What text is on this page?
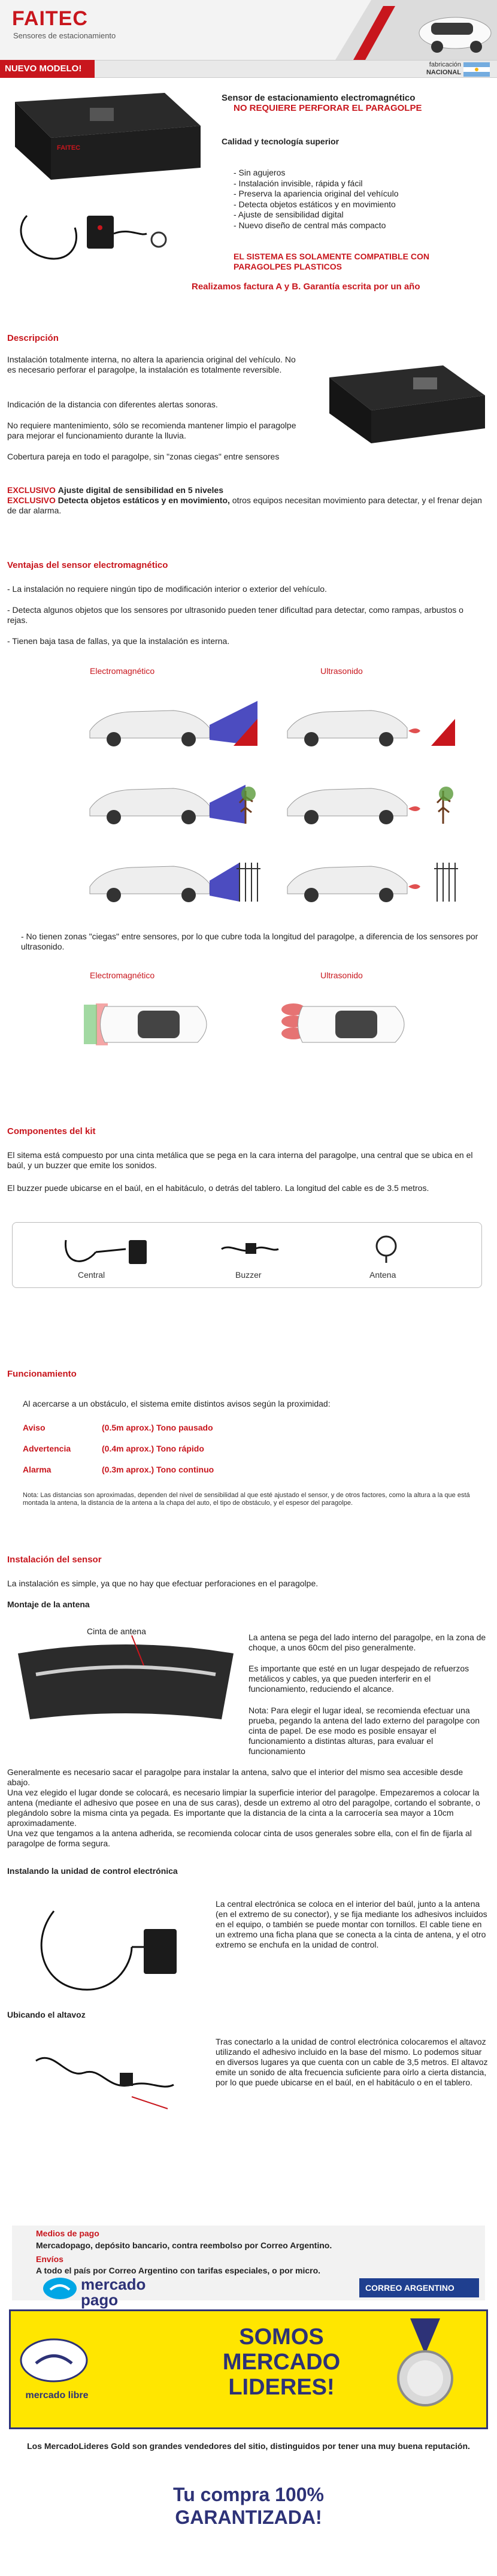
FAITEC
Sensores de estacionamiento
NUEVO MODELO!	fabricación
NACIONAL
FAITEC
Sensor de estacionamiento electromagnético
NO REQUIERE PERFORAR EL PARAGOLPE
Calidad y tecnología superior
- Sin agujeros
- Instalación invisible, rápida y fácil
- Preserva la apariencia original del vehículo
- Detecta objetos estáticos y en movimiento
- Ajuste de sensibilidad digital
- Nuevo diseño de central más compacto
EL SISTEMA ES SOLAMENTE COMPATIBLE CON PARAGOLPES PLASTICOS
Realizamos factura A y B. Garantía escrita por un año
Descripción
Instalación totalmente interna, no altera la apariencia original del vehículo. No es necesario perforar el paragolpe, la instalación es totalmente reversible.
Indicación de la distancia con diferentes alertas sonoras.
No requiere mantenimiento, sólo se recomienda mantener limpio el paragolpe para mejorar el funcionamiento durante la lluvia.
Cobertura pareja en todo el paragolpe, sin "zonas ciegas" entre sensores
EXCLUSIVO Ajuste digital de sensibilidad en 5 niveles
EXCLUSIVO Detecta objetos estáticos y en movimiento, otros equipos necesitan movimiento para detectar, y el frenar dejan de dar alarma.
Ventajas del sensor electromagnético
- La instalación no requiere ningún tipo de modificación interior o exterior del vehículo.
- Detecta algunos objetos que los sensores por ultrasonido pueden tener dificultad para detectar, como rampas, arbustos o rejas.
- Tienen baja tasa de fallas, ya que la instalación es interna.
Electromagnético	Ultrasonido
- No tienen zonas "ciegas" entre sensores, por lo que cubre toda la longitud del paragolpe, a diferencia de los sensores por ultrasonido.
Electromagnético	Ultrasonido
Componentes del kit
El sitema está compuesto por una cinta metálica que se pega en la cara interna del paragolpe, una central que se ubica en el baúl, y un buzzer que emite los sonidos.
El buzzer puede ubicarse en el baúl, en el habitáculo, o detrás del tablero. La longitud del cable es de 3.5 metros.
Central	Buzzer	Antena
Funcionamiento
Al acercarse a un obstáculo, el sistema emite distintos avisos según la proximidad:
Aviso	(0.5m aprox.) Tono pausado
Advertencia	(0.4m aprox.) Tono rápido
Alarma	(0.3m aprox.) Tono continuo
Nota: Las distancias son aproximadas, dependen del nivel de sensibilidad al que esté ajustado el sensor, y de otros factores, como la altura a la que está montada la antena, la distancia de la antena a la chapa del auto, el tipo de obstáculo, y el espesor del paragolpe.
Instalación del sensor
La instalación es simple, ya que no hay que efectuar perforaciones en el paragolpe.
Montaje de la antena
Cinta de antena
La antena se pega del lado interno del paragolpe, en la zona de choque, a unos 60cm del piso generalmente.
Es importante que esté en un lugar despejado de refuerzos metálicos y cables, ya que pueden interferir en el funcionamiento, reduciendo el alcance.
Nota: Para elegir el lugar ideal, se recomienda efectuar una prueba, pegando la antena del lado externo del paragolpe con cinta de papel. De ese modo es posible ensayar el funcionamiento a distintas alturas, para evaluar el funcionamiento
Generalmente es necesario sacar el paragolpe para instalar la antena, salvo que el interior del mismo sea accesible desde abajo.
Una vez elegido el lugar donde se colocará, es necesario limpiar la superficie interior del paragolpe. Empezaremos a colocar la antena (mediante el adhesivo que posee en una de sus caras), desde un extremo al otro del paragolpe, cortando el sobrante, o plegándolo sobre la misma cinta ya pegada. Es importante que la distancia de la cinta a la carrocería sea mayor a 10cm aproximadamente.
Una vez que tengamos a la antena adherida, se recomienda colocar cinta de usos generales sobre ella, con el fin de fijarla al paragolpe de forma segura.
Instalando la unidad de control electrónica
La central electrónica se coloca en el interior del baúl, junto a la antena (en el extremo de su conector), y se fija mediante los adhesivos incluidos en el equipo, o también se puede montar con tornillos. El cable tiene en un extremo una ficha plana que se conecta a la cinta de antena, y el otro extremo se enchufa en la unidad de control.
Ubicando el altavoz
Tras conectarlo a la unidad de control electrónica colocaremos el altavoz utilizando el adhesivo incluido en la base del mismo. Lo podemos situar en diversos lugares ya que cuenta con un cable de 3,5 metros. El altavoz emite un sonido de alta frecuencia suficiente para oírlo a cierta distancia, por lo que puede ubicarse en el baúl, en el habitáculo o en el tablero.
Medios de pago
Mercadopago, depósito bancario, contra reembolso por Correo Argentino.
Envíos
A todo el país por Correo Argentino con tarifas especiales, o por micro.
mercado pago
CORREO ARGENTINO
mercado libre
SOMOS MERCADO LIDERES!
Los MercadoLideres Gold son grandes vendedores del sitio, distinguidos por tener una muy buena reputación.
Tu compra 100% GARANTIZADA!
